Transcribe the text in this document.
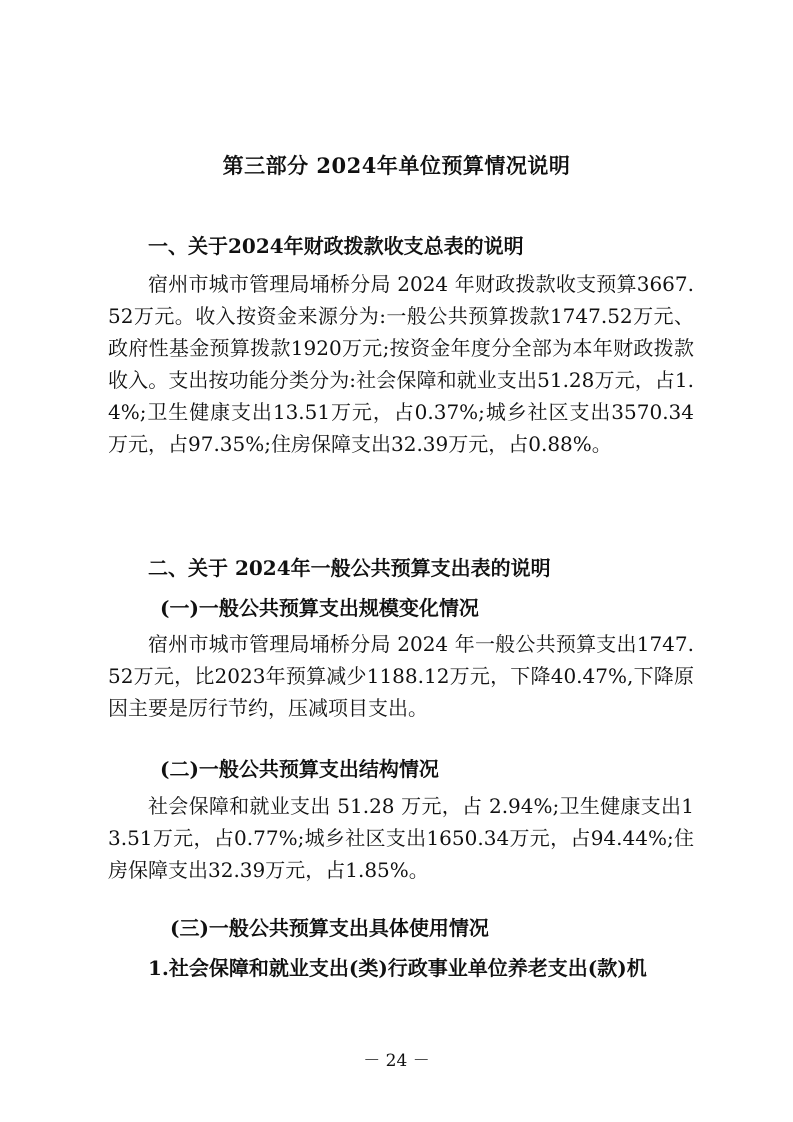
第三部分 2024年单位预算情况说明
一、关于2024年财政拨款收支总表的说明

宿州市城市管理局埇桥分局 2024 年财政拨款收支预算3667.52万元。收入按资金来源分为:一般公共预算拨款1747.52万元、政府性基金预算拨款1920万元;按资金年度分全部为本年财政拨款收入。支出按功能分类分为:社会保障和就业支出51.28万元，占1.4%;卫生健康支出13.51万元，占0.37%;城乡社区支出3570.34万元，占97.35%;住房保障支出32.39万元，占0.88%。

二、关于 2024年一般公共预算支出表的说明
(一)一般公共预算支出规模变化情况

宿州市城市管理局埇桥分局 2024 年一般公共预算支出1747.52万元，比2023年预算减少1188.12万元，下降40.47%,下降原因主要是厉行节约，压减项目支出。

(二)一般公共预算支出结构情况

社会保障和就业支出 51.28 万元，占 2.94%;卫生健康支出13.51万元，占0.77%;城乡社区支出1650.34万元，占94.44%;住房保障支出32.39万元，占1.85%。

(三)一般公共预算支出具体使用情况
1.社会保障和就业支出(类)行政事业单位养老支出(款)机
－ 24 －
